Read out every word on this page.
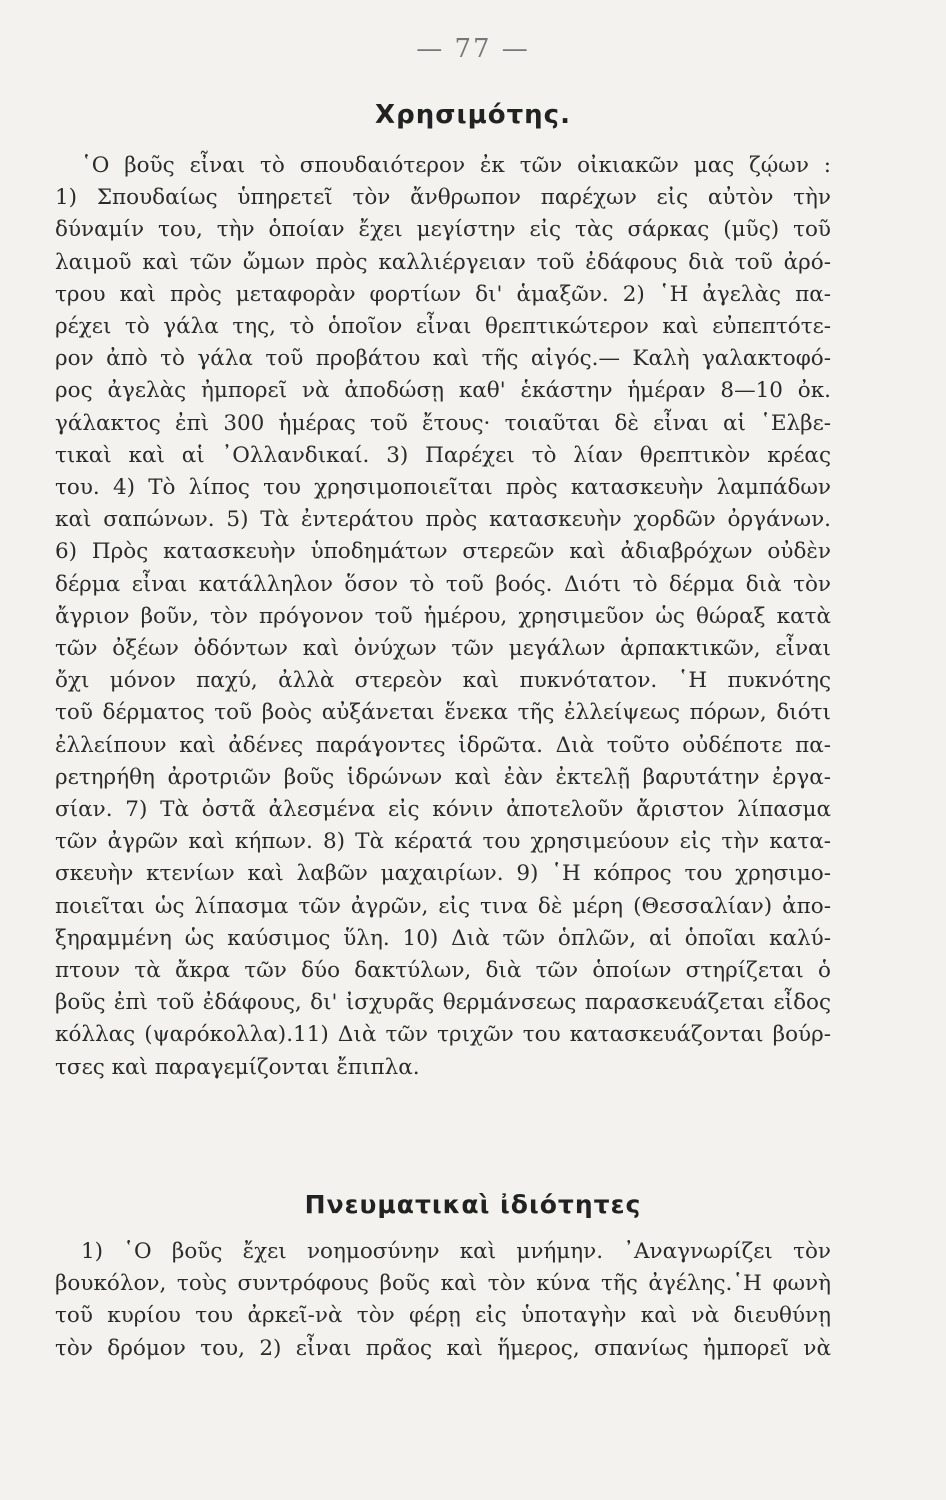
— 77 —
Χρησιμότης.
῾Ο βοῦς εἶναι τὸ σπουδαιότερον ἐκ τῶν οἰκιακῶν μας ζῴων :
1) Σπουδαίως ὑπηρετεῖ τὸν ἄνθρωπον παρέχων εἰς αὐτὸν τὴν
δύναμίν του, τὴν ὁποίαν ἔχει μεγίστην εἰς τὰς σάρκας (μῦς) τοῦ
λαιμοῦ καὶ τῶν ὤμων πρὸς καλλιέργειαν τοῦ ἐδάφους διὰ τοῦ ἀρό-
τρου καὶ πρὸς μεταφορὰν φορτίων δι' ἁμαξῶν. 2) ῾Η ἀγελὰς πα-
ρέχει τὸ γάλα της, τὸ ὁποῖον εἶναι θρεπτικώτερον καὶ εὐπεπτότε-
ρον ἀπὸ τὸ γάλα τοῦ προβάτου καὶ τῆς αἰγός.— Καλὴ γαλακτοφό-
ρος ἀγελὰς ἠμπορεῖ νὰ ἀποδώσῃ καθ' ἑκάστην ἡμέραν 8—10 ὀκ.
γάλακτος ἐπὶ 300 ἡμέρας τοῦ ἔτους· τοιαῦται δὲ εἶναι αἱ ῾Ελβε-
τικαὶ καὶ αἱ ᾿Ολλανδικαί. 3) Παρέχει τὸ λίαν θρεπτικὸν κρέας
του. 4) Τὸ λίπος του χρησιμοποιεῖται πρὸς κατασκευὴν λαμπάδων
καὶ σαπώνων. 5) Τὰ ἐντεράτου πρὸς κατασκευὴν χορδῶν ὀργάνων.
6) Πρὸς κατασκευὴν ὑποδημάτων στερεῶν καὶ ἀδιαβρόχων οὐδὲν
δέρμα εἶναι κατάλληλον ὅσον τὸ τοῦ βοός. Διότι τὸ δέρμα διὰ τὸν
ἄγριον βοῦν, τὸν πρόγονον τοῦ ἡμέρου, χρησιμεῦον ὡς θώραξ κατὰ
τῶν ὀξέων ὀδόντων καὶ ὀνύχων τῶν μεγάλων ἁρπακτικῶν, εἶναι
ὄχι μόνον παχύ, ἀλλὰ στερεὸν καὶ πυκνότατον. ῾Η πυκνότης
τοῦ δέρματος τοῦ βοὸς αὐξάνεται ἕνεκα τῆς ἐλλείψεως πόρων, διότι
ἐλλείπουν καὶ ἀδένες παράγοντες ἱδρῶτα. Διὰ τοῦτο οὐδέποτε πα-
ρετηρήθη ἀροτριῶν βοῦς ἱδρώνων καὶ ἐὰν ἐκτελῇ βαρυτάτην ἐργα-
σίαν. 7) Τὰ ὀστᾶ ἀλεσμένα εἰς κόνιν ἀποτελοῦν ἄριστον λίπασμα
τῶν ἀγρῶν καὶ κήπων. 8) Τὰ κέρατά του χρησιμεύουν εἰς τὴν κατα-
σκευὴν κτενίων καὶ λαβῶν μαχαιρίων. 9) ῾Η κόπρος του χρησιμο-
ποιεῖται ὡς λίπασμα τῶν ἀγρῶν, εἰς τινα δὲ μέρη (Θεσσαλίαν) ἀπο-
ξηραμμένη ὡς καύσιμος ὕλη. 10) Διὰ τῶν ὁπλῶν, αἱ ὁποῖαι καλύ-
πτουν τὰ ἄκρα τῶν δύο δακτύλων, διὰ τῶν ὁποίων στηρίζεται ὁ
βοῦς ἐπὶ τοῦ ἐδάφους, δι' ἰσχυρᾶς θερμάνσεως παρασκευάζεται εἶδος
κόλλας (ψαρόκολλα).11) Διὰ τῶν τριχῶν του κατασκευάζονται βούρ-
τσες καὶ παραγεμίζονται ἔπιπλα.
Πνευματικαὶ ἰδιότητες
1) ῾Ο βοῦς ἔχει νοημοσύνην καὶ μνήμην. ᾿Αναγνωρίζει τὸν
βουκόλον, τοὺς συντρόφους βοῦς καὶ τὸν κύνα τῆς ἀγέλης.῾Η φωνὴ
τοῦ κυρίου του ἀρκεῖ-νὰ τὸν φέρῃ εἰς ὑποταγὴν καὶ νὰ διευθύνῃ
τὸν δρόμον του, 2) εἶναι πρᾶος καὶ ἥμερος, σπανίως ἠμπορεῖ νὰ
